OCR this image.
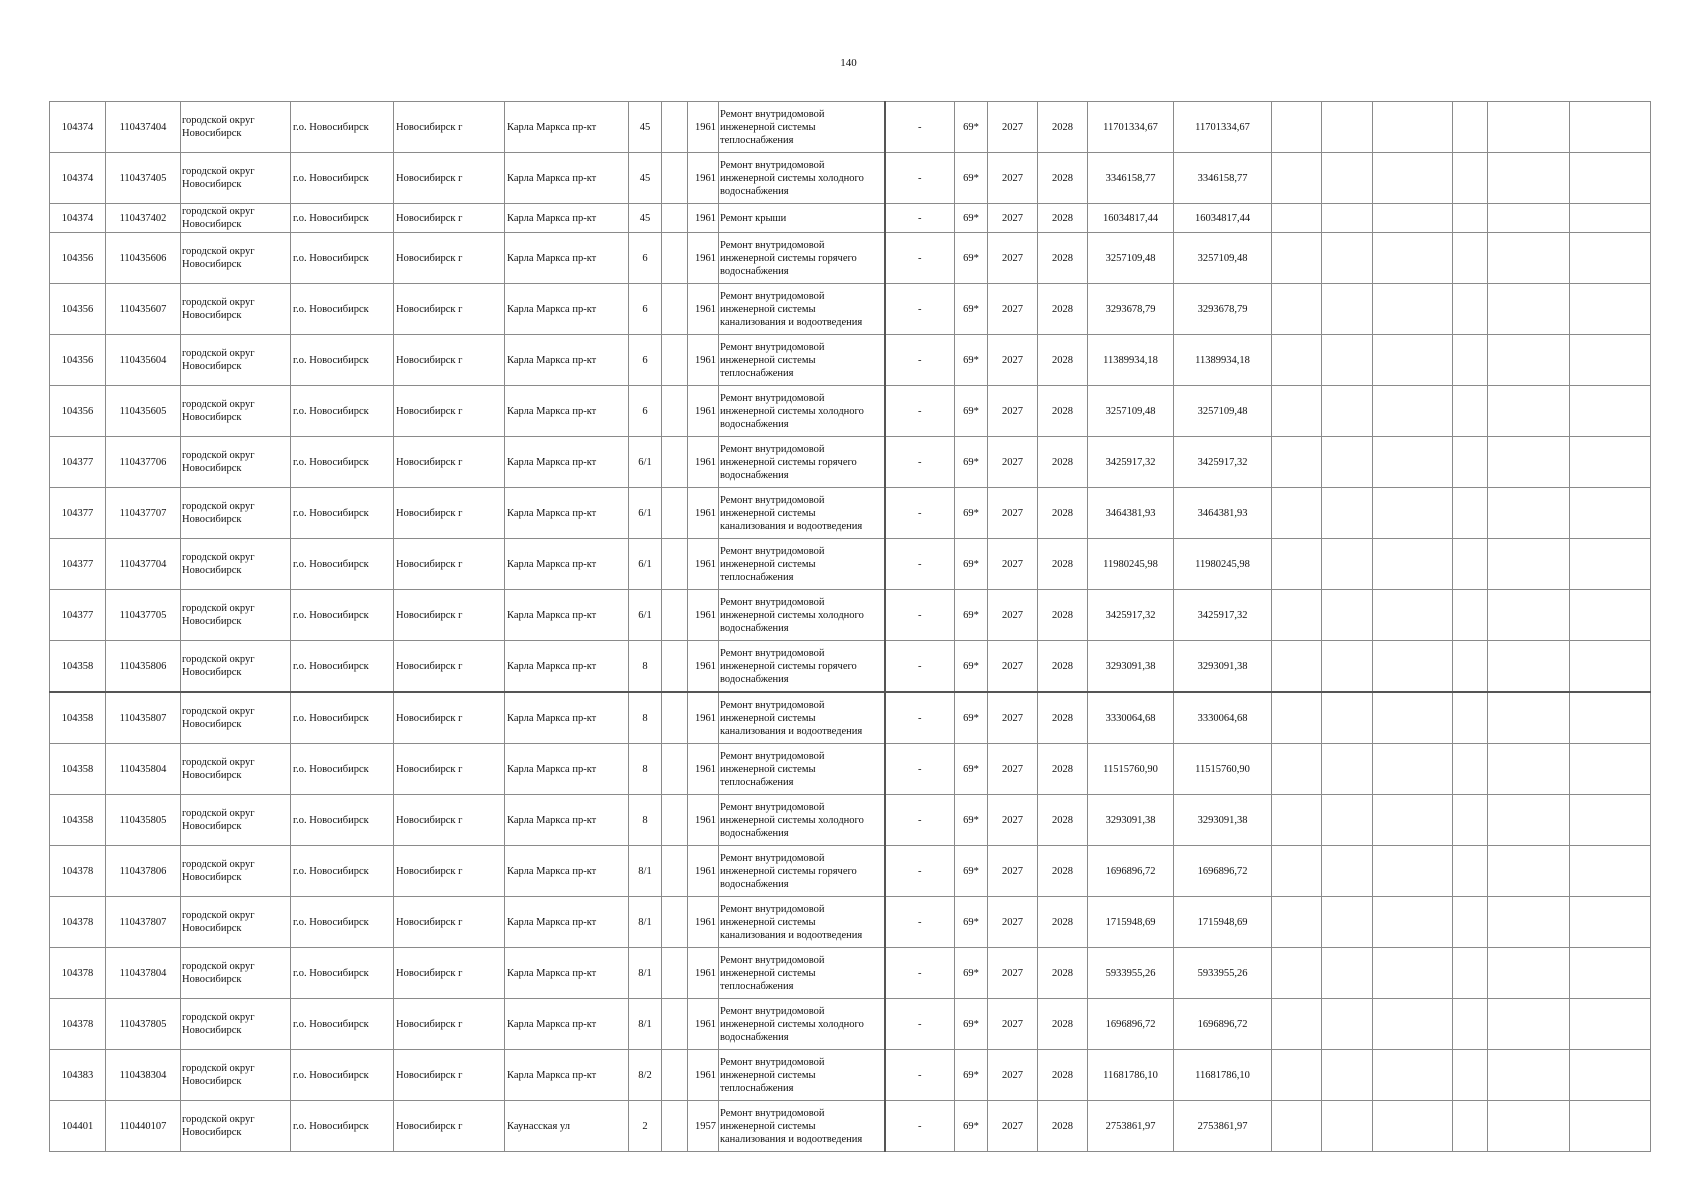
140
104374	110437404	городской округ Новосибирск	г.о. Новосибирск	Новосибирск г	Карла Маркса пр-кт	45		1961	Ремонт внутридомовой инженерной системы теплоснабжения	-	69*	2027	2028	11701334,67	11701334,67						
104374	110437405	городской округ Новосибирск	г.о. Новосибирск	Новосибирск г	Карла Маркса пр-кт	45		1961	Ремонт внутридомовой инженерной системы холодного водоснабжения	-	69*	2027	2028	3346158,77	3346158,77						
104374	110437402	городской округ Новосибирск	г.о. Новосибирск	Новосибирск г	Карла Маркса пр-кт	45		1961	Ремонт крыши	-	69*	2027	2028	16034817,44	16034817,44						
104356	110435606	городской округ Новосибирск	г.о. Новосибирск	Новосибирск г	Карла Маркса пр-кт	6		1961	Ремонт внутридомовой инженерной системы горячего водоснабжения	-	69*	2027	2028	3257109,48	3257109,48						
104356	110435607	городской округ Новосибирск	г.о. Новосибирск	Новосибирск г	Карла Маркса пр-кт	6		1961	Ремонт внутридомовой инженерной системы канализования и водоотведения	-	69*	2027	2028	3293678,79	3293678,79						
104356	110435604	городской округ Новосибирск	г.о. Новосибирск	Новосибирск г	Карла Маркса пр-кт	6		1961	Ремонт внутридомовой инженерной системы теплоснабжения	-	69*	2027	2028	11389934,18	11389934,18						
104356	110435605	городской округ Новосибирск	г.о. Новосибирск	Новосибирск г	Карла Маркса пр-кт	6		1961	Ремонт внутридомовой инженерной системы холодного водоснабжения	-	69*	2027	2028	3257109,48	3257109,48						
104377	110437706	городской округ Новосибирск	г.о. Новосибирск	Новосибирск г	Карла Маркса пр-кт	6/1		1961	Ремонт внутридомовой инженерной системы горячего водоснабжения	-	69*	2027	2028	3425917,32	3425917,32						
104377	110437707	городской округ Новосибирск	г.о. Новосибирск	Новосибирск г	Карла Маркса пр-кт	6/1		1961	Ремонт внутридомовой инженерной системы канализования и водоотведения	-	69*	2027	2028	3464381,93	3464381,93						
104377	110437704	городской округ Новосибирск	г.о. Новосибирск	Новосибирск г	Карла Маркса пр-кт	6/1		1961	Ремонт внутридомовой инженерной системы теплоснабжения	-	69*	2027	2028	11980245,98	11980245,98						
104377	110437705	городской округ Новосибирск	г.о. Новосибирск	Новосибирск г	Карла Маркса пр-кт	6/1		1961	Ремонт внутридомовой инженерной системы холодного водоснабжения	-	69*	2027	2028	3425917,32	3425917,32						
104358	110435806	городской округ Новосибирск	г.о. Новосибирск	Новосибирск г	Карла Маркса пр-кт	8		1961	Ремонт внутридомовой инженерной системы горячего водоснабжения	-	69*	2027	2028	3293091,38	3293091,38						
104358	110435807	городской округ Новосибирск	г.о. Новосибирск	Новосибирск г	Карла Маркса пр-кт	8		1961	Ремонт внутридомовой инженерной системы канализования и водоотведения	-	69*	2027	2028	3330064,68	3330064,68						
104358	110435804	городской округ Новосибирск	г.о. Новосибирск	Новосибирск г	Карла Маркса пр-кт	8		1961	Ремонт внутридомовой инженерной системы теплоснабжения	-	69*	2027	2028	11515760,90	11515760,90						
104358	110435805	городской округ Новосибирск	г.о. Новосибирск	Новосибирск г	Карла Маркса пр-кт	8		1961	Ремонт внутридомовой инженерной системы холодного водоснабжения	-	69*	2027	2028	3293091,38	3293091,38						
104378	110437806	городской округ Новосибирск	г.о. Новосибирск	Новосибирск г	Карла Маркса пр-кт	8/1		1961	Ремонт внутридомовой инженерной системы горячего водоснабжения	-	69*	2027	2028	1696896,72	1696896,72						
104378	110437807	городской округ Новосибирск	г.о. Новосибирск	Новосибирск г	Карла Маркса пр-кт	8/1		1961	Ремонт внутридомовой инженерной системы канализования и водоотведения	-	69*	2027	2028	1715948,69	1715948,69						
104378	110437804	городской округ Новосибирск	г.о. Новосибирск	Новосибирск г	Карла Маркса пр-кт	8/1		1961	Ремонт внутридомовой инженерной системы теплоснабжения	-	69*	2027	2028	5933955,26	5933955,26						
104378	110437805	городской округ Новосибирск	г.о. Новосибирск	Новосибирск г	Карла Маркса пр-кт	8/1		1961	Ремонт внутридомовой инженерной системы холодного водоснабжения	-	69*	2027	2028	1696896,72	1696896,72						
104383	110438304	городской округ Новосибирск	г.о. Новосибирск	Новосибирск г	Карла Маркса пр-кт	8/2		1961	Ремонт внутридомовой инженерной системы теплоснабжения	-	69*	2027	2028	11681786,10	11681786,10						
104401	110440107	городской округ Новосибирск	г.о. Новосибирск	Новосибирск г	Каунасская ул	2		1957	Ремонт внутридомовой инженерной системы канализования и водоотведения	-	69*	2027	2028	2753861,97	2753861,97						
